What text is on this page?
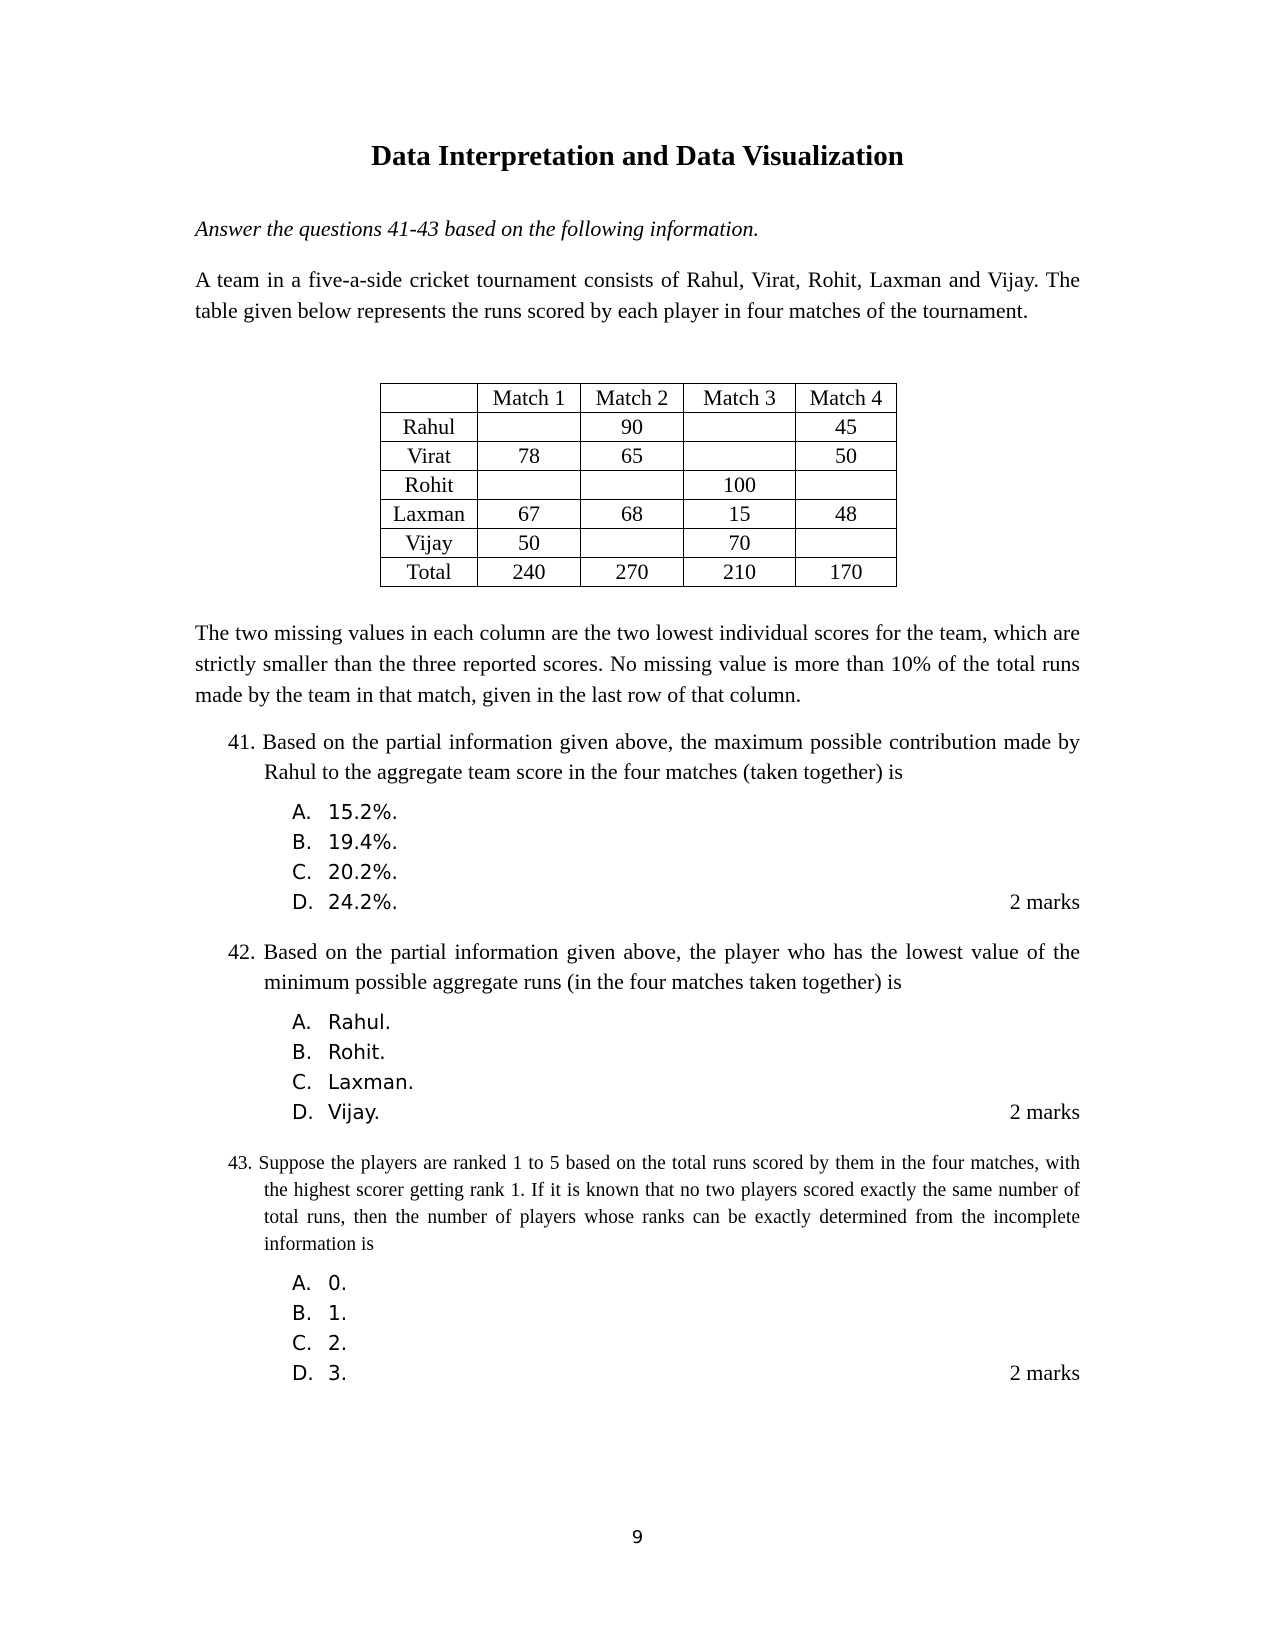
Data Interpretation and Data Visualization
Answer the questions 41-43 based on the following information.

A team in a five-a-side cricket tournament consists of Rahul, Virat, Rohit, Laxman and Vijay. The table given below represents the runs scored by each player in four matches of the tournament.

	Match 1	Match 2	Match 3	Match 4
Rahul		90		45
Virat	78	65		50
Rohit			100	
Laxman	67	68	15	48
Vijay	50		70	
Total	240	270	210	170

The two missing values in each column are the two lowest individual scores for the team, which are strictly smaller than the three reported scores. No missing value is more than 10% of the total runs made by the team in that match, given in the last row of that column.

41. Based on the partial information given above, the maximum possible contribution made by Rahul to the aggregate team score in the four matches (taken together) is

A. 15.2%.
B. 19.4%.
C. 20.2%.
D. 24.2%.	2 marks

42. Based on the partial information given above, the player who has the lowest value of the minimum possible aggregate runs (in the four matches taken together) is

A. Rahul.
B. Rohit.
C. Laxman.
D. Vijay.	2 marks

43. Suppose the players are ranked 1 to 5 based on the total runs scored by them in the four matches, with the highest scorer getting rank 1. If it is known that no two players scored exactly the same number of total runs, then the number of players whose ranks can be exactly determined from the incomplete information is

A. 0.
B. 1.
C. 2.
D. 3.	2 marks
9
